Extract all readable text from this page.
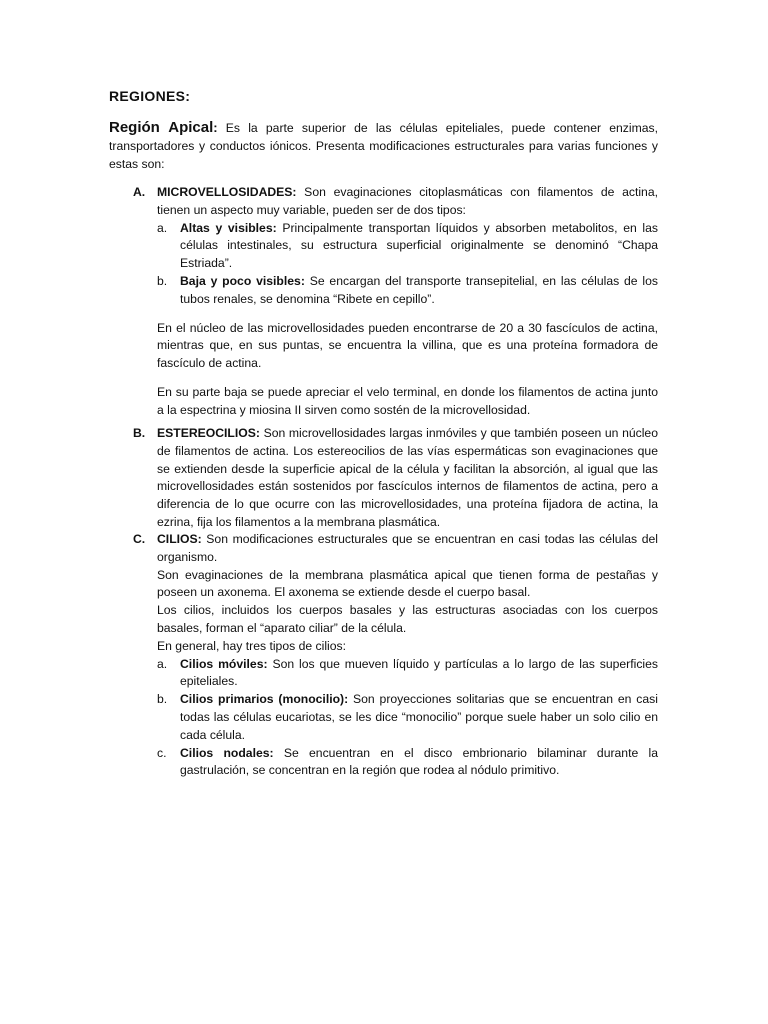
REGIONES:
Región Apical: Es la parte superior de las células epiteliales, puede contener enzimas, transportadores y conductos iónicos. Presenta modificaciones estructurales para varias funciones y estas son:
A. MICROVELLOSIDADES: Son evaginaciones citoplasmáticas con filamentos de actina, tienen un aspecto muy variable, pueden ser de dos tipos:
a. Altas y visibles: Principalmente transportan líquidos y absorben metabolitos, en las células intestinales, su estructura superficial originalmente se denominó “Chapa Estriada”.
b. Baja y poco visibles: Se encargan del transporte transepitelial, en las células de los tubos renales, se denomina “Ribete en cepillo”.
En el núcleo de las microvellosidades pueden encontrarse de 20 a 30 fascículos de actina, mientras que, en sus puntas, se encuentra la villina, que es una proteína formadora de fascículo de actina.
En su parte baja se puede apreciar el velo terminal, en donde los filamentos de actina junto a la espectrina y miosina II sirven como sostén de la microvellosidad.
B. ESTEREOCILIOS: Son microvellosidades largas inmóviles y que también poseen un núcleo de filamentos de actina. Los estereocilios de las vías espermáticas son evaginaciones que se extienden desde la superficie apical de la célula y facilitan la absorción, al igual que las microvellosidades están sostenidos por fascículos internos de filamentos de actina, pero a diferencia de lo que ocurre con las microvellosidades, una proteína fijadora de actina, la ezrina, fija los filamentos a la membrana plasmática.
C. CILIOS: Son modificaciones estructurales que se encuentran en casi todas las células del organismo.
Son evaginaciones de la membrana plasmática apical que tienen forma de pestañas y poseen un axonema. El axonema se extiende desde el cuerpo basal.
Los cilios, incluidos los cuerpos basales y las estructuras asociadas con los cuerpos basales, forman el “aparato ciliar” de la célula.
En general, hay tres tipos de cilios:
a. Cilios móviles: Son los que mueven líquido y partículas a lo largo de las superficies epiteliales.
b. Cilios primarios (monocilio): Son proyecciones solitarias que se encuentran en casi todas las células eucariotas, se les dice “monocilio” porque suele haber un solo cilio en cada célula.
c. Cilios nodales: Se encuentran en el disco embrionario bilaminar durante la gastrulación, se concentran en la región que rodea al nódulo primitivo.
